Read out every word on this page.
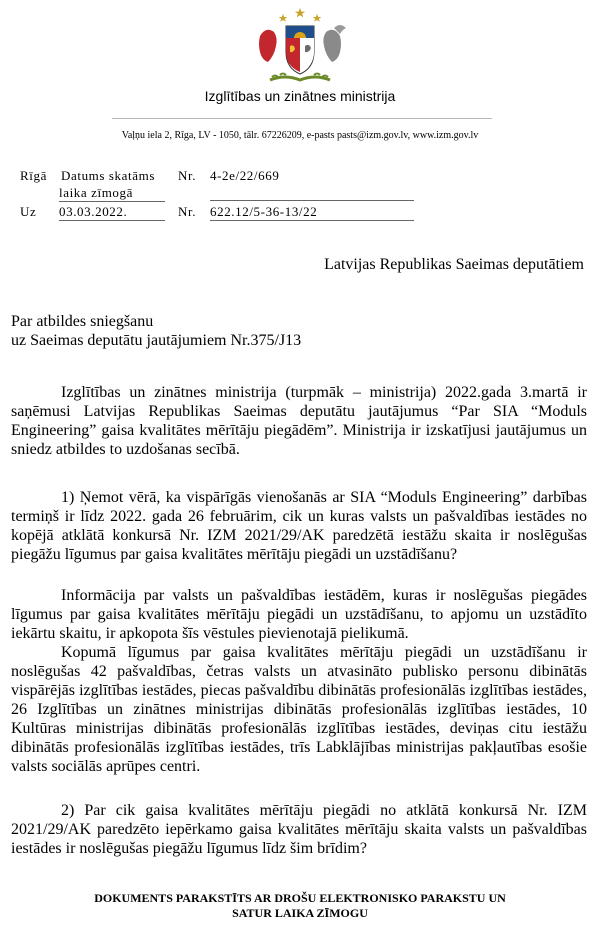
Izglītības un zinātnes ministrija
Vaļņu iela 2, Rīga, LV - 1050, tālr. 67226209, e-pasts pasts@izm.gov.lv, www.izm.gov.lv
Rīgā Datums skatāms
laika zīmogā
Nr. 4-2e/22/669
Uz 03.03.2022.	Nr. 622.12/5-36-13/22
Latvijas Republikas Saeimas deputātiem
Par atbildes sniegšanu
uz Saeimas deputātu jautājumiem Nr.375/J13
Izglītības un zinātnes ministrija (turpmāk – ministrija) 2022.gada 3.martā ir saņēmusi Latvijas Republikas Saeimas deputātu jautājumus “Par SIA “Moduls Engineering” gaisa kvalitātes mērītāju piegādēm”. Ministrija ir izskatījusi jautājumus un sniedz atbildes to uzdošanas secībā.
1) Ņemot vērā, ka vispārīgās vienošanās ar SIA “Moduls Engineering” darbības termiņš ir līdz 2022. gada 26 februārim, cik un kuras valsts un pašvaldības iestādes no kopējā atklātā konkursā Nr. IZM 2021/29/AK paredzētā iestāžu skaita ir noslēgušas piegāžu līgumus par gaisa kvalitātes mērītāju piegādi un uzstādīšanu?
Informācija par valsts un pašvaldības iestādēm, kuras ir noslēgušas piegādes līgumus par gaisa kvalitātes mērītāju piegādi un uzstādīšanu, to apjomu un uzstādīto iekārtu skaitu, ir apkopota šīs vēstules pievienotajā pielikumā.
Kopumā līgumus par gaisa kvalitātes mērītāju piegādi un uzstādīšanu ir noslēgušas 42 pašvaldības, četras valsts un atvasināto publisko personu dibinātās vispārējās izglītības iestādes, piecas pašvaldību dibinātās profesionālās izglītības iestādes, 26 Izglītības un zinātnes ministrijas dibinātās profesionālās izglītības iestādes, 10 Kultūras ministrijas dibinātās profesionālās izglītības iestādes, deviņas citu iestāžu dibinātās profesionālās izglītības iestādes, trīs Labklājības ministrijas pakļautības esošie valsts sociālās aprūpes centri.
2) Par cik gaisa kvalitātes mērītāju piegādi no atklātā konkursā Nr. IZM 2021/29/AK paredzēto iepērkamo gaisa kvalitātes mērītāju skaita valsts un pašvaldības iestādes ir noslēgušas piegāžu līgumus līdz šim brīdim?
DOKUMENTS PARAKSTĪTS AR DROŠU ELEKTRONISKO PARAKSTU UN
SATUR LAIKA ZĪMOGU
